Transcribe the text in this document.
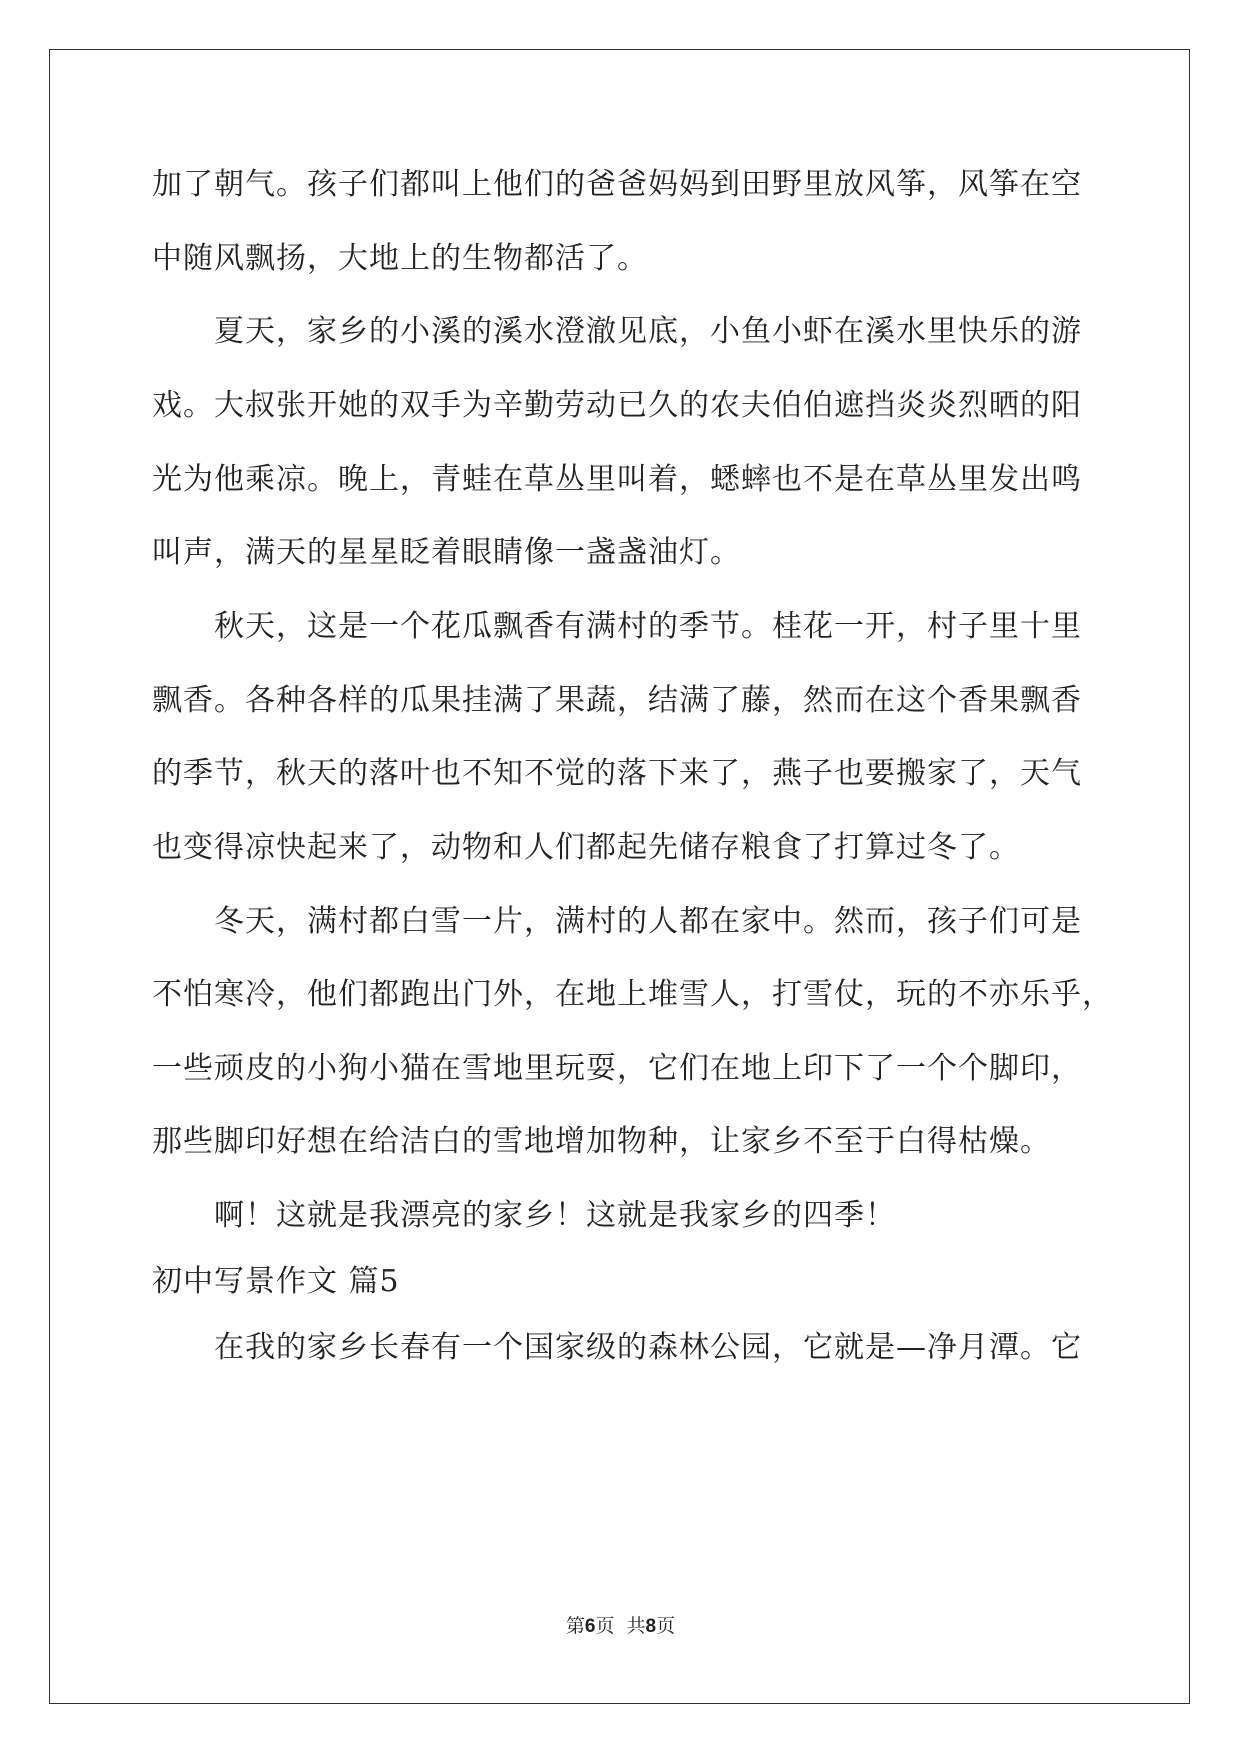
加了朝气。孩子们都叫上他们的爸爸妈妈到田野里放风筝，风筝在空

中随风飘扬，大地上的生物都活了。

夏天，家乡的小溪的溪水澄澈见底，小鱼小虾在溪水里快乐的游

戏。大叔张开她的双手为辛勤劳动已久的农夫伯伯遮挡炎炎烈晒的阳

光为他乘凉。晚上，青蛙在草丛里叫着，蟋蟀也不是在草丛里发出鸣

叫声，满天的星星眨着眼睛像一盏盏油灯。

秋天，这是一个花瓜飘香有满村的季节。桂花一开，村子里十里

飘香。各种各样的瓜果挂满了果蔬，结满了藤，然而在这个香果飘香

的季节，秋天的落叶也不知不觉的落下来了，燕子也要搬家了，天气

也变得凉快起来了，动物和人们都起先储存粮食了打算过冬了。

冬天，满村都白雪一片，满村的人都在家中。然而，孩子们可是

不怕寒冷，他们都跑出门外，在地上堆雪人，打雪仗，玩的不亦乐乎，

一些顽皮的小狗小猫在雪地里玩耍，它们在地上印下了一个个脚印，

那些脚印好想在给洁白的雪地增加物种，让家乡不至于白得枯燥。

啊！这就是我漂亮的家乡！这就是我家乡的四季！

初中写景作文 篇5

在我的家乡长春有一个国家级的森林公园，它就是—净月潭。它

第6页  共8页
